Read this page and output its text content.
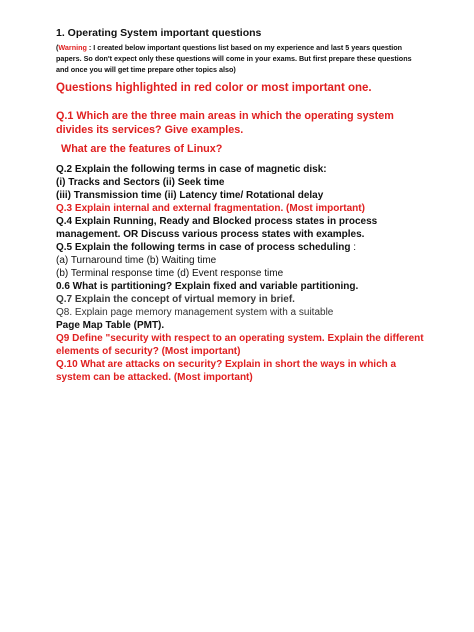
1. Operating System important questions
(Warning : I created below important questions list based on my experience and last 5 years question papers. So don't expect only these questions will come in your exams. But first prepare these questions and once you will get time prepare other topics also)
Questions highlighted in red color or most important one.
Q.1 Which are the three main areas in which the operating system divides its services? Give examples.
What are the features of Linux?
Q.2 Explain the following terms in case of magnetic disk:
(i) Tracks and Sectors (ii) Seek time
(iii) Transmission time (ii) Latency time/ Rotational delay
Q.3 Explain internal and external fragmentation. (Most important)
Q.4 Explain Running, Ready and Blocked process states in process management. OR Discuss various process states with examples.
Q.5 Explain the following terms in case of process scheduling :
(a) Turnaround time (b) Waiting time
(b) Terminal response time (d) Event response time
0.6 What is partitioning? Explain fixed and variable partitioning.
Q.7 Explain the concept of virtual memory in brief.
Q8. Explain page memory management system with a suitable
Page Map Table (PMT).
Q9 Define "security with respect to an operating system. Explain the different elements of security? (Most important)
Q.10 What are attacks on security? Explain in short the ways in which a system can be attacked. (Most important)
